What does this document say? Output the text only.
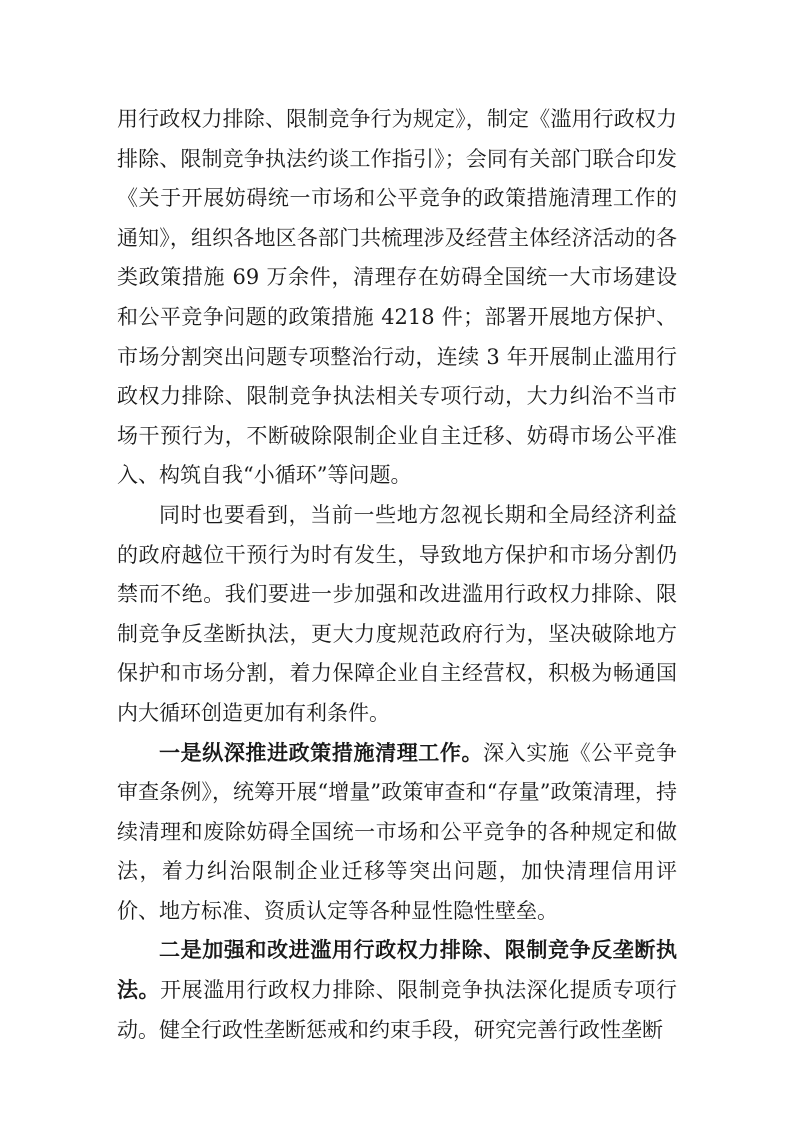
用行政权力排除、限制竞争行为规定》，制定《滥用行政权力排除、限制竞争执法约谈工作指引》；会同有关部门联合印发《关于开展妨碍统一市场和公平竞争的政策措施清理工作的通知》，组织各地区各部门共梳理涉及经营主体经济活动的各类政策措施 69 万余件，清理存在妨碍全国统一大市场建设和公平竞争问题的政策措施 4218 件；部署开展地方保护、市场分割突出问题专项整治行动，连续 3 年开展制止滥用行政权力排除、限制竞争执法相关专项行动，大力纠治不当市场干预行为，不断破除限制企业自主迁移、妨碍市场公平准入、构筑自我“小循环”等问题。

同时也要看到，当前一些地方忽视长期和全局经济利益的政府越位干预行为时有发生，导致地方保护和市场分割仍禁而不绝。我们要进一步加强和改进滥用行政权力排除、限制竞争反垄断执法，更大力度规范政府行为，坚决破除地方保护和市场分割，着力保障企业自主经营权，积极为畅通国内大循环创造更加有利条件。

一是纵深推进政策措施清理工作。深入实施《公平竞争审查条例》，统筹开展“增量”政策审查和“存量”政策清理，持续清理和废除妨碍全国统一市场和公平竞争的各种规定和做法，着力纠治限制企业迁移等突出问题，加快清理信用评价、地方标准、资质认定等各种显性隐性壁垒。

二是加强和改进滥用行政权力排除、限制竞争反垄断执法。开展滥用行政权力排除、限制竞争执法深化提质专项行动。健全行政性垄断惩戒和约束手段，研究完善行政性垄断
